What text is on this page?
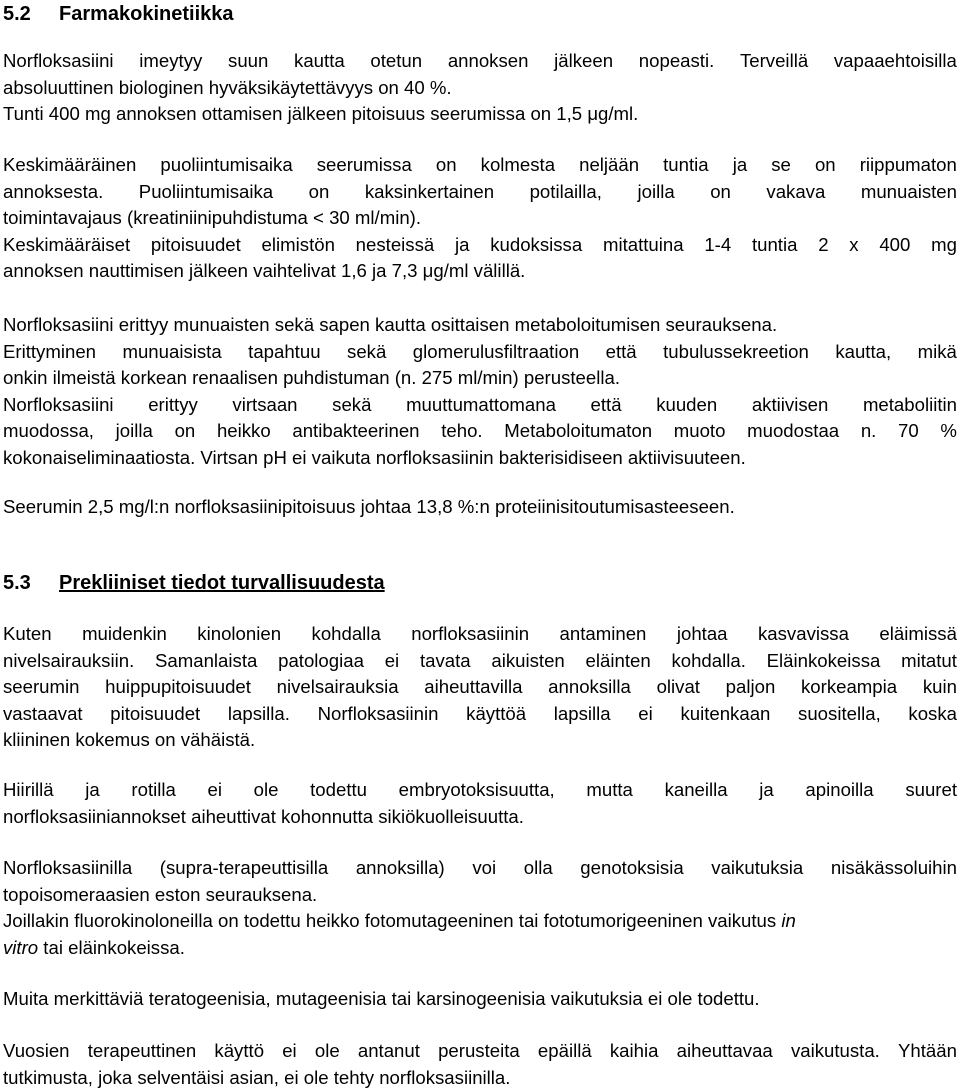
5.2 Farmakokinetiikka
Norfloksasiini imeytyy suun kautta otetun annoksen jälkeen nopeasti. Terveillä vapaaehtoisilla
absoluuttinen biologinen hyväksikäytettävyys on 40 %.
Tunti 400 mg annoksen ottamisen jälkeen pitoisuus seerumissa on 1,5 μg/ml.
Keskimääräinen puoliintumisaika seerumissa on kolmesta neljään tuntia ja se on riippumaton
annoksesta. Puoliintumisaika on kaksinkertainen potilailla, joilla on vakava munuaisten
toimintavajaus (kreatiniinipuhdistuma < 30 ml/min).
Keskimääräiset pitoisuudet elimistön nesteissä ja kudoksissa mitattuina 1-4 tuntia 2 x 400 mg
annoksen nauttimisen jälkeen vaihtelivat 1,6 ja 7,3 μg/ml välillä.
Norfloksasiini erittyy munuaisten sekä sapen kautta osittaisen metaboloitumisen seurauksena.
Erittyminen munuaisista tapahtuu sekä glomerulusfiltraation että tubulussekreetion kautta, mikä
onkin ilmeistä korkean renaalisen puhdistuman (n. 275 ml/min) perusteella.
Norfloksasiini erittyy virtsaan sekä muuttumattomana että kuuden aktiivisen metaboliitin
muodossa, joilla on heikko antibakteerinen teho. Metaboloitumaton muoto muodostaa n. 70 %
kokonaiseliminaatiosta. Virtsan pH ei vaikuta norfloksasiinin bakterisidiseen aktiivisuuteen.
Seerumin 2,5 mg/l:n norfloksasiinipitoisuus johtaa 13,8 %:n proteiinisitoutumisasteeseen.
5.3 Prekliiniset tiedot turvallisuudesta
Kuten muidenkin kinolonien kohdalla norfloksasiinin antaminen johtaa kasvavissa eläimissä
nivelsairauksiin. Samanlaista patologiaa ei tavata aikuisten eläinten kohdalla. Eläinkokeissa mitatut
seerumin huippupitoisuudet nivelsairauksia aiheuttavilla annoksilla olivat paljon korkeampia kuin
vastaavat pitoisuudet lapsilla. Norfloksasiinin käyttöä lapsilla ei kuitenkaan suositella, koska
kliininen kokemus on vähäistä.
Hiirillä ja rotilla ei ole todettu embryotoksisuutta, mutta kaneilla ja apinoilla suuret
norfloksasiiniannokset aiheuttivat kohonnutta sikiökuolleisuutta.
Norfloksasiinilla (supra-terapeuttisilla annoksilla) voi olla genotoksisia vaikutuksia nisäkässoluihin
topoisomeraasien eston seurauksena.
Joillakin fluorokinoloneilla on todettu heikko fotomutageeninen tai fototumorigeeninen vaikutus in
vitro tai eläinkokeissa.
Muita merkittäviä teratogeenisia, mutageenisia tai karsinogeenisia vaikutuksia ei ole todettu.
Vuosien terapeuttinen käyttö ei ole antanut perusteita epäillä kaihia aiheuttavaa vaikutusta. Yhtään
tutkimusta, joka selventäisi asian, ei ole tehty norfloksasiinilla.
